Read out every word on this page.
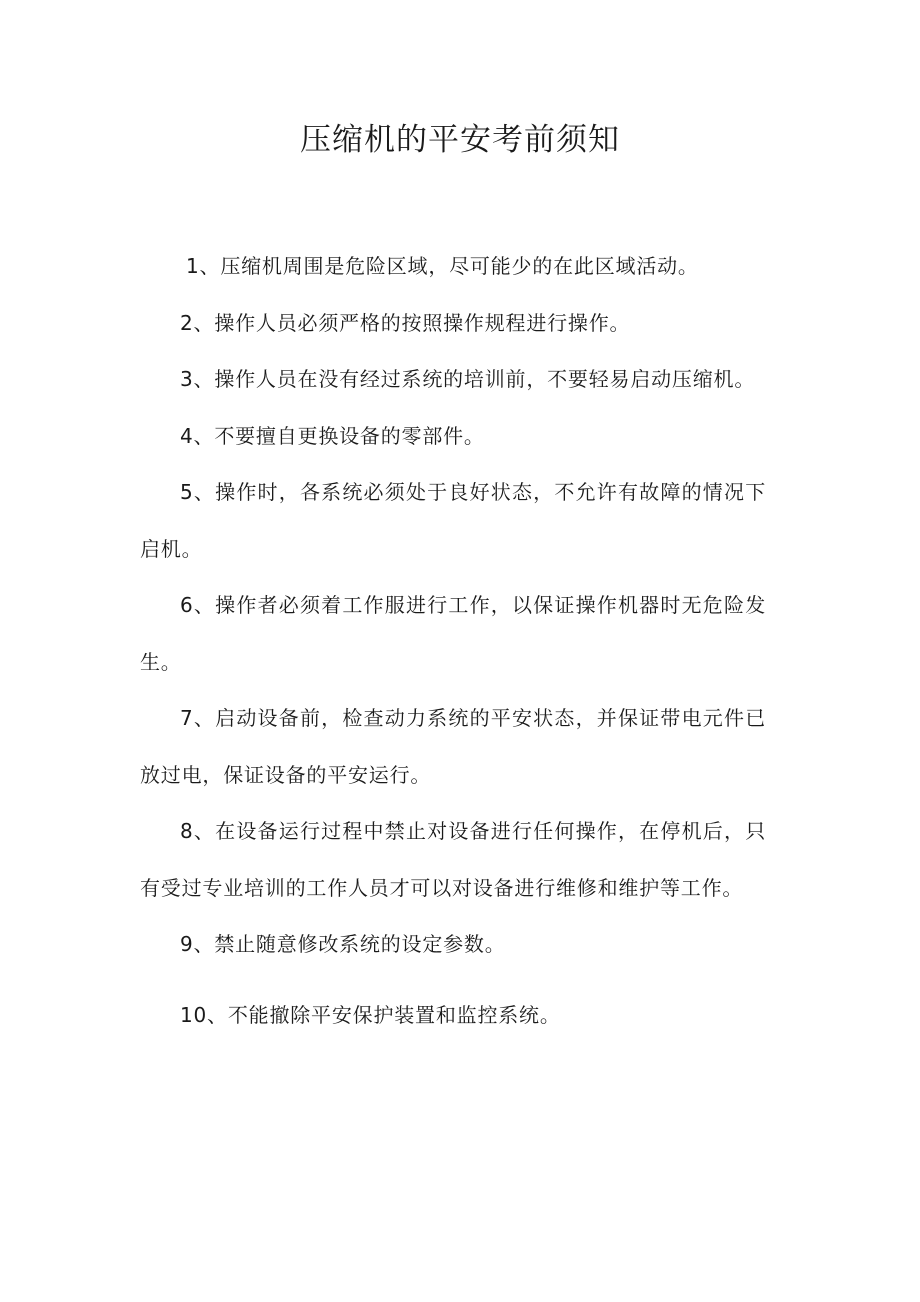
压缩机的平安考前须知

1、压缩机周围是危险区域，尽可能少的在此区域活动。

2、操作人员必须严格的按照操作规程进行操作。

3、操作人员在没有经过系统的培训前，不要轻易启动压缩机。

4、不要擅自更换设备的零部件。

5、操作时，各系统必须处于良好状态，不允许有故障的情况下启机。

6、操作者必须着工作服进行工作，以保证操作机器时无危险发生。

7、启动设备前，检查动力系统的平安状态，并保证带电元件已放过电，保证设备的平安运行。

8、在设备运行过程中禁止对设备进行任何操作，在停机后，只有受过专业培训的工作人员才可以对设备进行维修和维护等工作。

9、禁止随意修改系统的设定参数。

10、不能撤除平安保护装置和监控系统。
